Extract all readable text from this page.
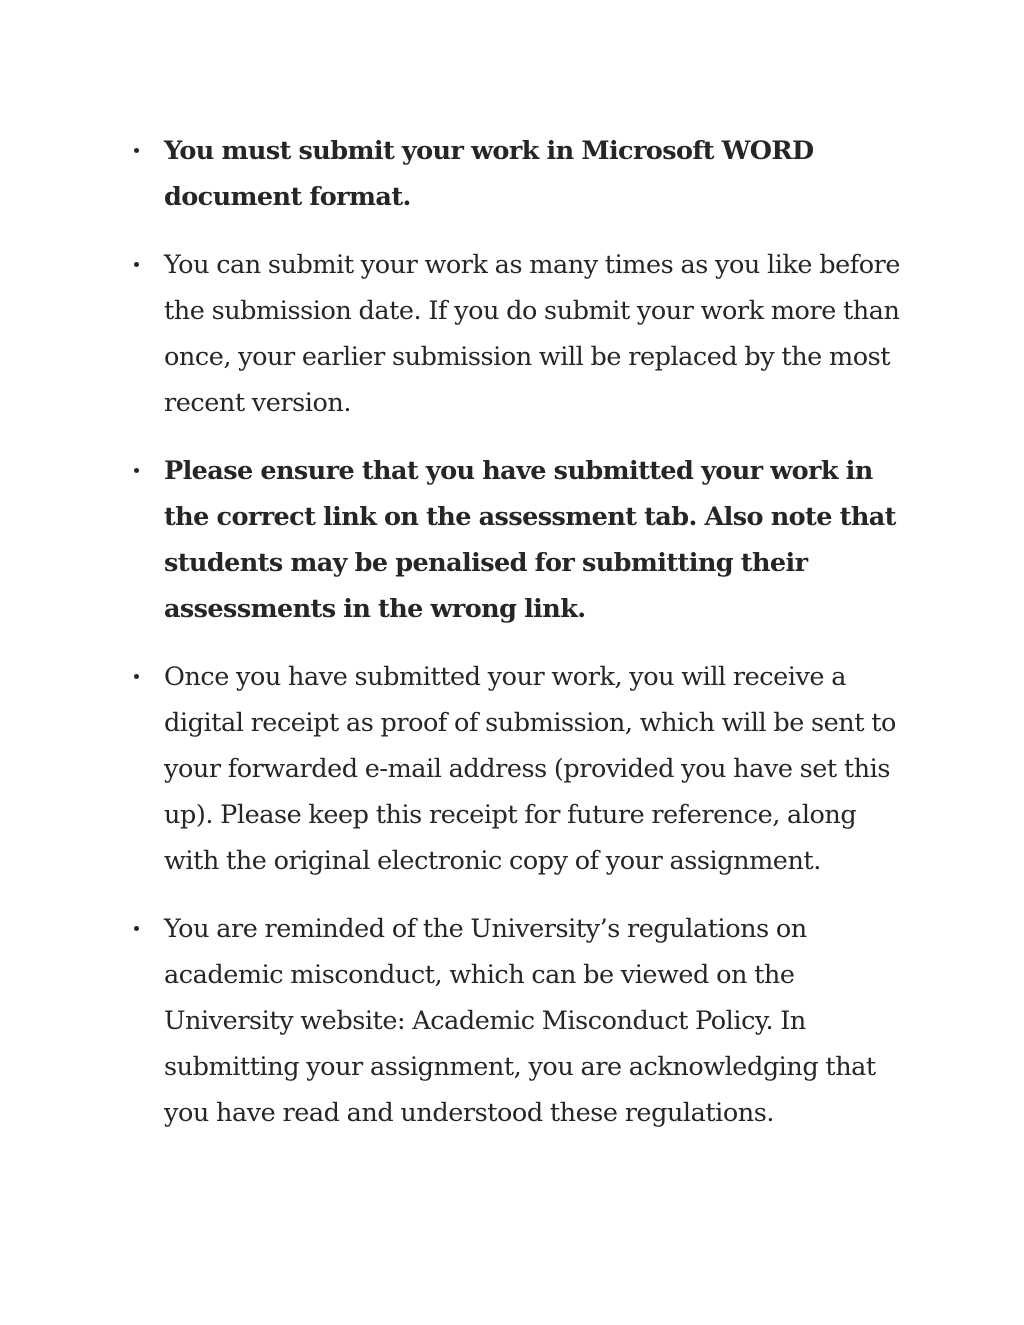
You must submit your work in Microsoft WORD document format.
You can submit your work as many times as you like before the submission date. If you do submit your work more than once, your earlier submission will be replaced by the most recent version.
Please ensure that you have submitted your work in the correct link on the assessment tab. Also note that students may be penalised for submitting their assessments in the wrong link.
Once you have submitted your work, you will receive a digital receipt as proof of submission, which will be sent to your forwarded e-mail address (provided you have set this up). Please keep this receipt for future reference, along with the original electronic copy of your assignment.
You are reminded of the University’s regulations on academic misconduct, which can be viewed on the University website: Academic Misconduct Policy. In submitting your assignment, you are acknowledging that you have read and understood these regulations.
